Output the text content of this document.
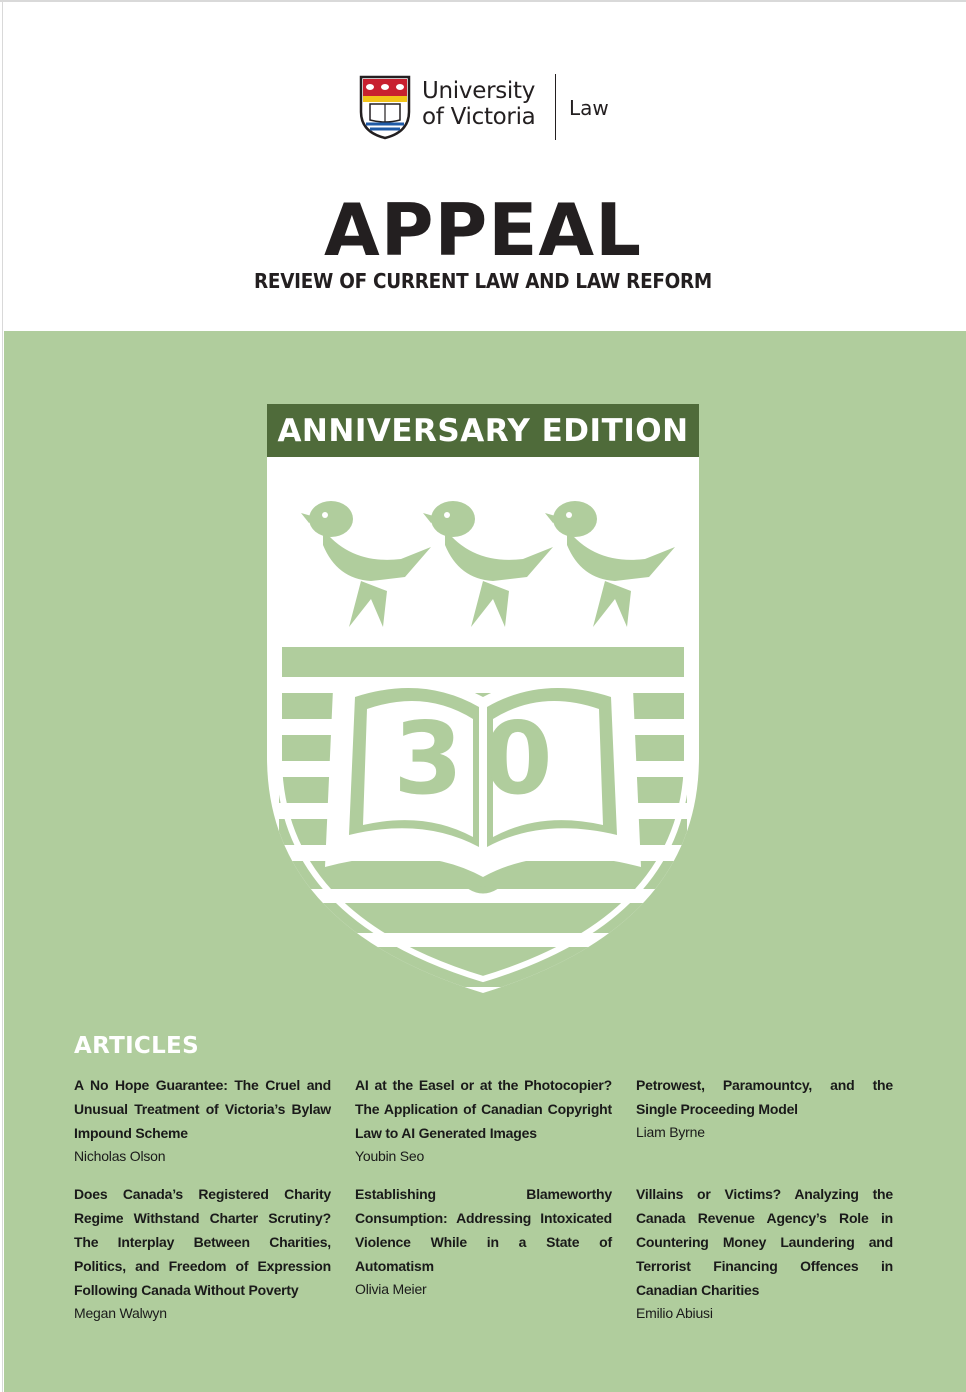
University
of Victoria Law
APPEAL
REVIEW OF CURRENT LAW AND LAW REFORM
ANNIVERSARY EDITION
30
ARTICLES
A No Hope Guarantee: The Cruel and Unusual Treatment of Victoria’s Bylaw Impound Scheme
Nicholas Olson
AI at the Easel or at the Photocopier? The Application of Canadian Copyright Law to AI Generated Images
Youbin Seo
Petrowest, Paramountcy, and the Single Proceeding Model
Liam Byrne
Does Canada’s Registered Charity Regime Withstand Charter Scrutiny? The Interplay Between Charities, Politics, and Freedom of Expression Following Canada Without Poverty
Megan Walwyn
Establishing Blameworthy Consumption: Addressing Intoxicated Violence While in a State of Automatism
Olivia Meier
Villains or Victims? Analyzing the Canada Revenue Agency’s Role in Countering Money Laundering and Terrorist Financing Offences in Canadian Charities
Emilio Abiusi
